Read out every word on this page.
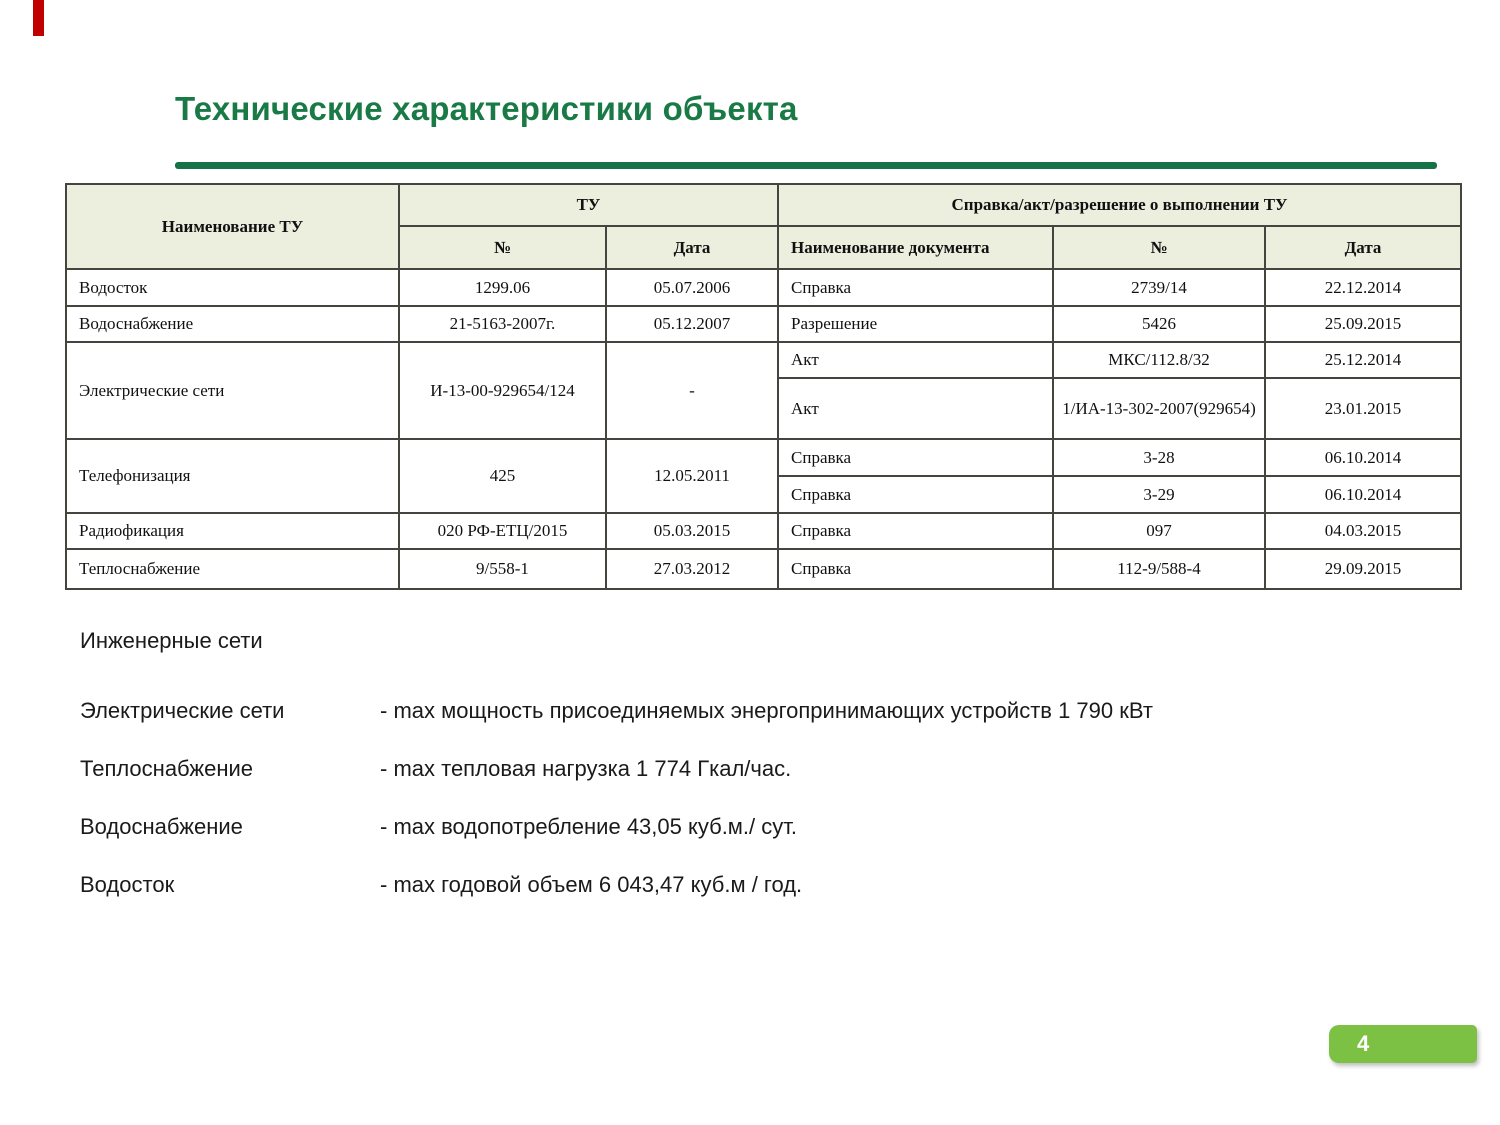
Технические характеристики объекта
Наименование ТУ	ТУ		Справка/акт/разрешение о выполнении ТУ		
	№	Дата	Наименование документа	№	Дата
Водосток	1299.06	05.07.2006	Справка	2739/14	22.12.2014
Водоснабжение	21-5163-2007г.	05.12.2007	Разрешение	5426	25.09.2015
Электрические сети	И-13-00-929654/124	-	Акт	МКС/112.8/32	25.12.2014
			Акт	1/ИА-13-302-2007(929654)	23.01.2015
Телефонизация	425	12.05.2011	Справка	3-28	06.10.2014
			Справка	3-29	06.10.2014
Радиофикация	020 РФ-ЕТЦ/2015	05.03.2015	Справка	097	04.03.2015
Теплоснабжение	9/558-1	27.03.2012	Справка	112-9/588-4	29.09.2015

Инженерные сети

Электрические сети	- max мощность присоединяемых энергопринимающих устройств 1 790 кВт
Теплоснабжение	- max тепловая нагрузка 1 774 Гкал/час.
Водоснабжение	- max водопотребление 43,05 куб.м./ сут.
Водосток	- max годовой объем 6 043,47 куб.м / год.
4
